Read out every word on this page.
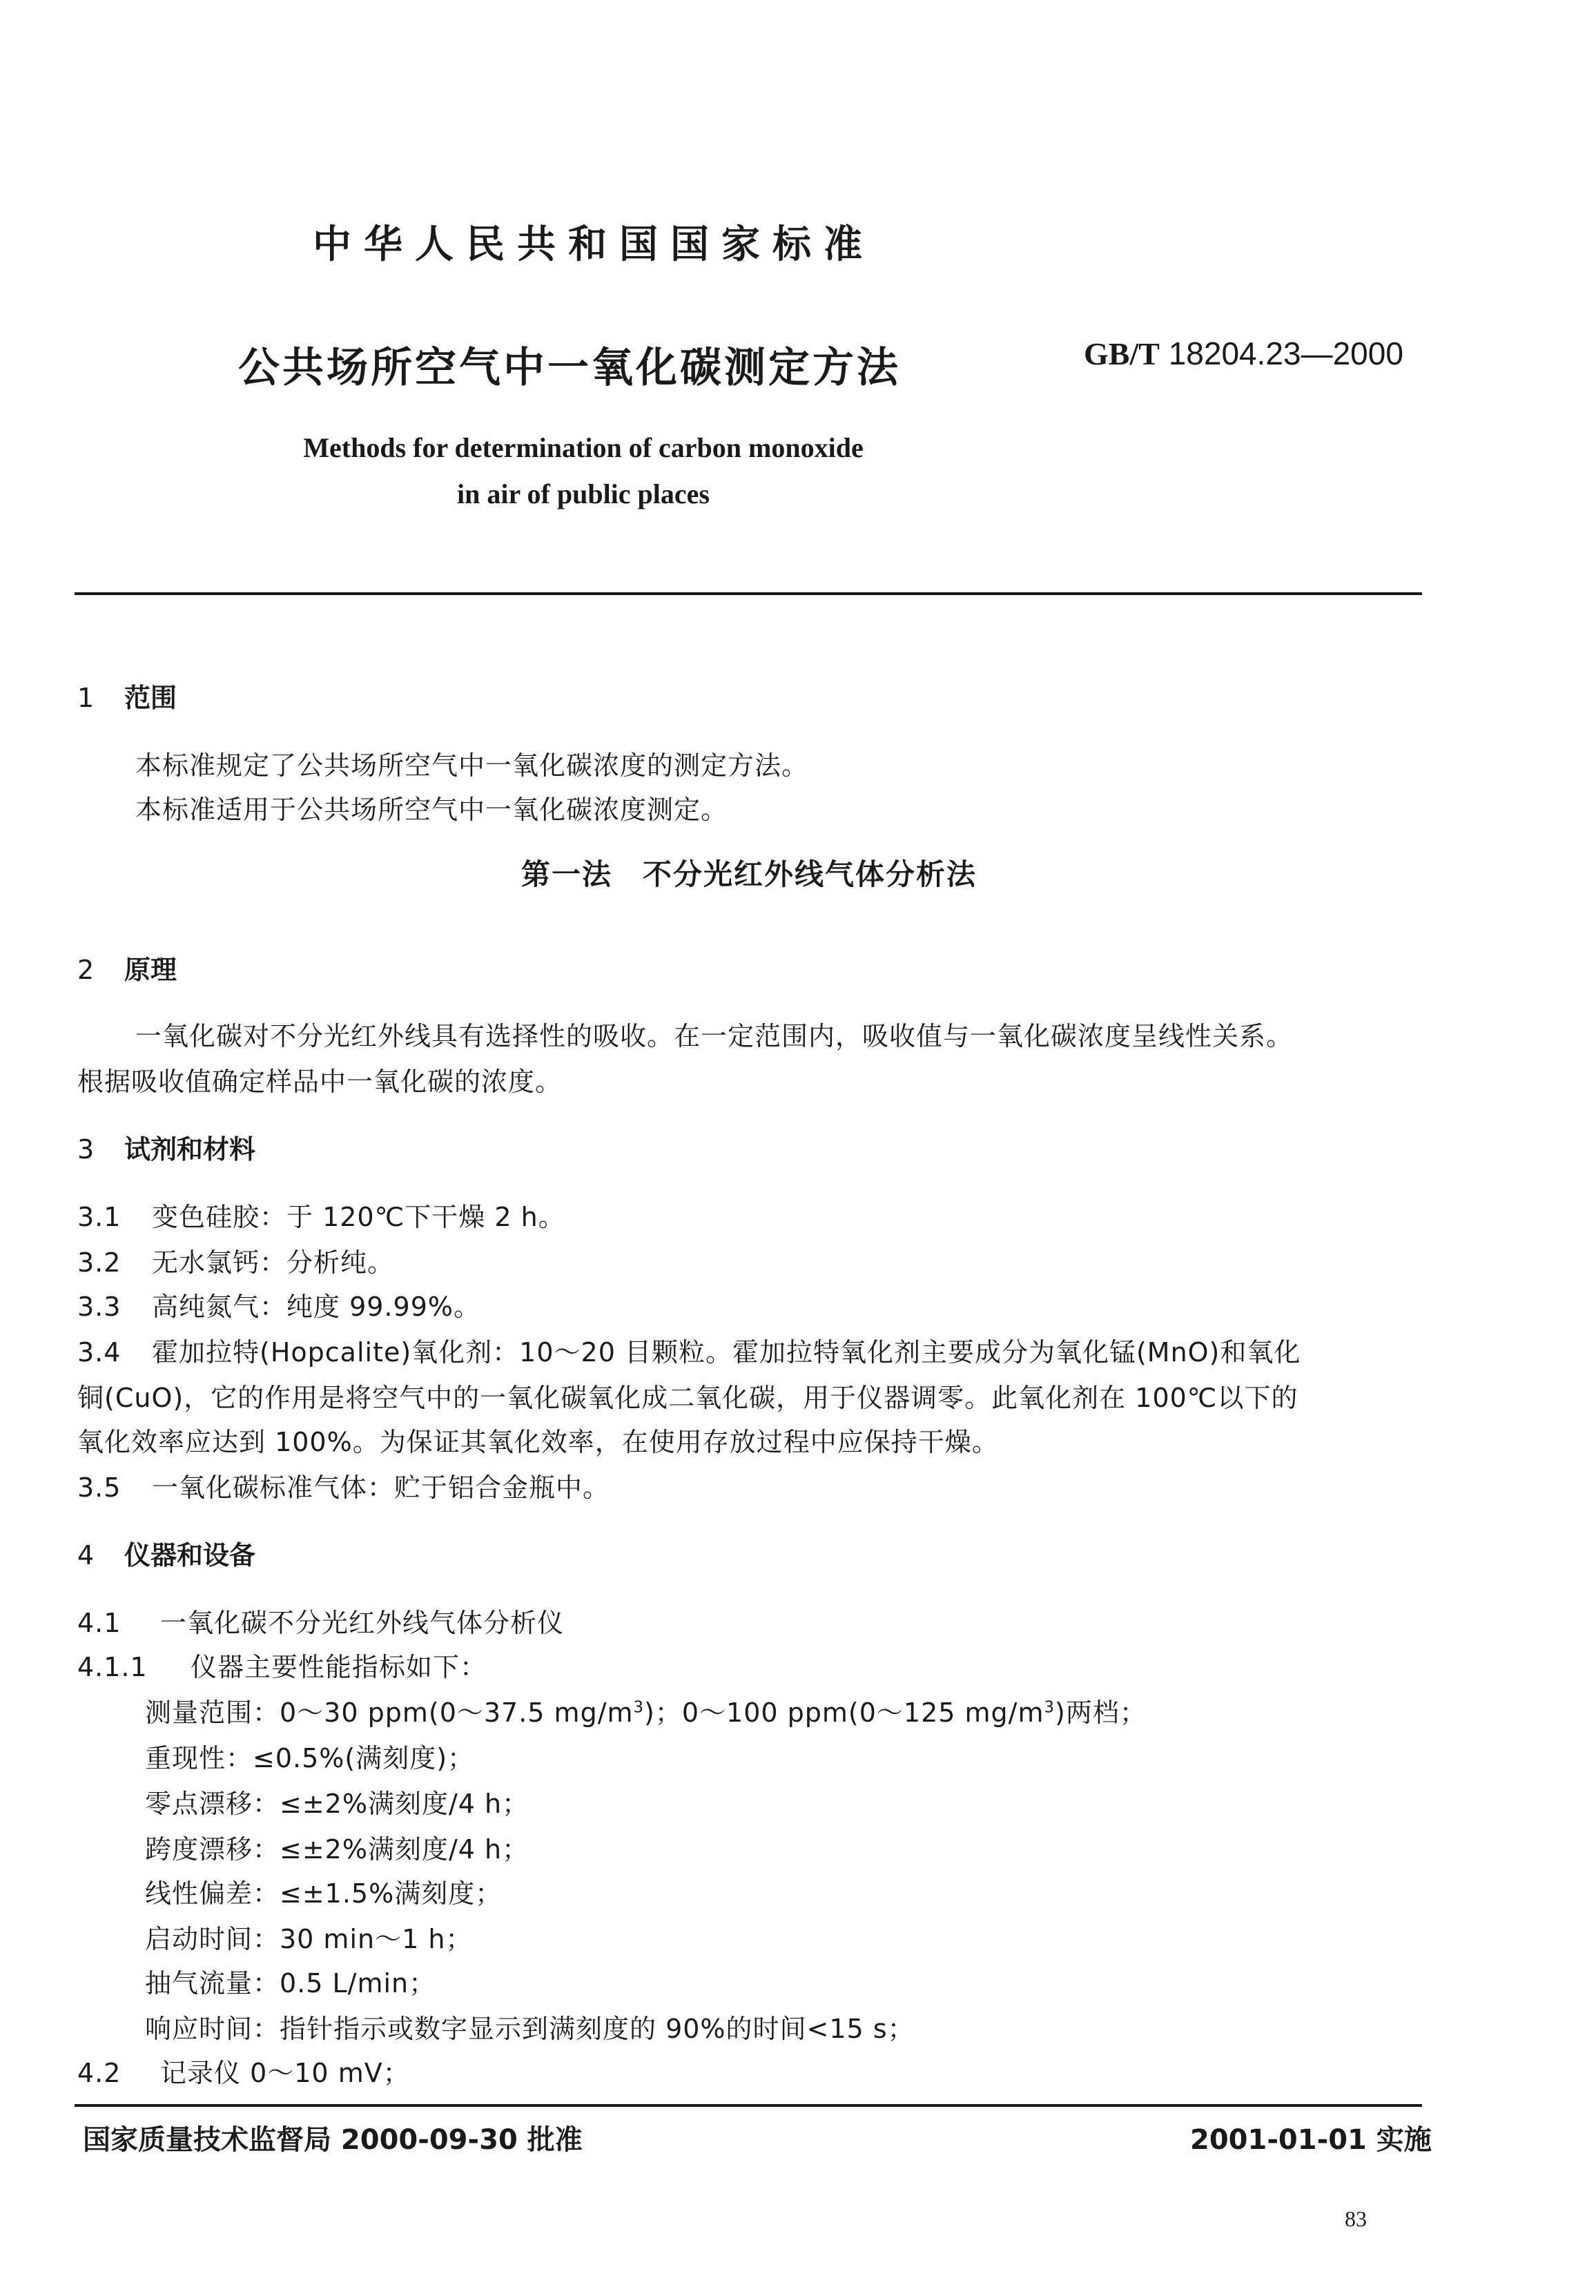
中华人民共和国国家标准
公共场所空气中一氧化碳测定方法	GB/T 18204.23—2000
Methods for determination of carbon monoxide
in air of public places
1 范围
本标准规定了公共场所空气中一氧化碳浓度的测定方法。
本标准适用于公共场所空气中一氧化碳浓度测定。
第一法　不分光红外线气体分析法
2 原理
一氧化碳对不分光红外线具有选择性的吸收。在一定范围内，吸收值与一氧化碳浓度呈线性关系。
根据吸收值确定样品中一氧化碳的浓度。
3 试剂和材料
3.1 变色硅胶：于 120℃下干燥 2 h。
3.2 无水氯钙：分析纯。
3.3 高纯氮气：纯度 99.99%。
3.4 霍加拉特(Hopcalite)氧化剂：10～20 目颗粒。霍加拉特氧化剂主要成分为氧化锰(MnO)和氧化
铜(CuO)，它的作用是将空气中的一氧化碳氧化成二氧化碳，用于仪器调零。此氧化剂在 100℃以下的
氧化效率应达到 100%。为保证其氧化效率，在使用存放过程中应保持干燥。
3.5 一氧化碳标准气体：贮于铝合金瓶中。
4 仪器和设备
4.1 一氧化碳不分光红外线气体分析仪
4.1.1 仪器主要性能指标如下：
测量范围：0～30 ppm(0～37.5 $mg/m^3$)；0～100 ppm(0～125 $mg/m^3$)两档；
重现性：≤0.5%(满刻度)；
零点漂移：≤±2%满刻度/4 h；
跨度漂移：≤±2%满刻度/4 h；
线性偏差：≤±1.5%满刻度；
启动时间：30 min～1 h；
抽气流量：0.5 L/min；
响应时间：指针指示或数字显示到满刻度的 90%的时间<15 s；
4.2 记录仪 0～10 mV；
国家质量技术监督局 2000-09-30 批准	2001-01-01 实施
83
